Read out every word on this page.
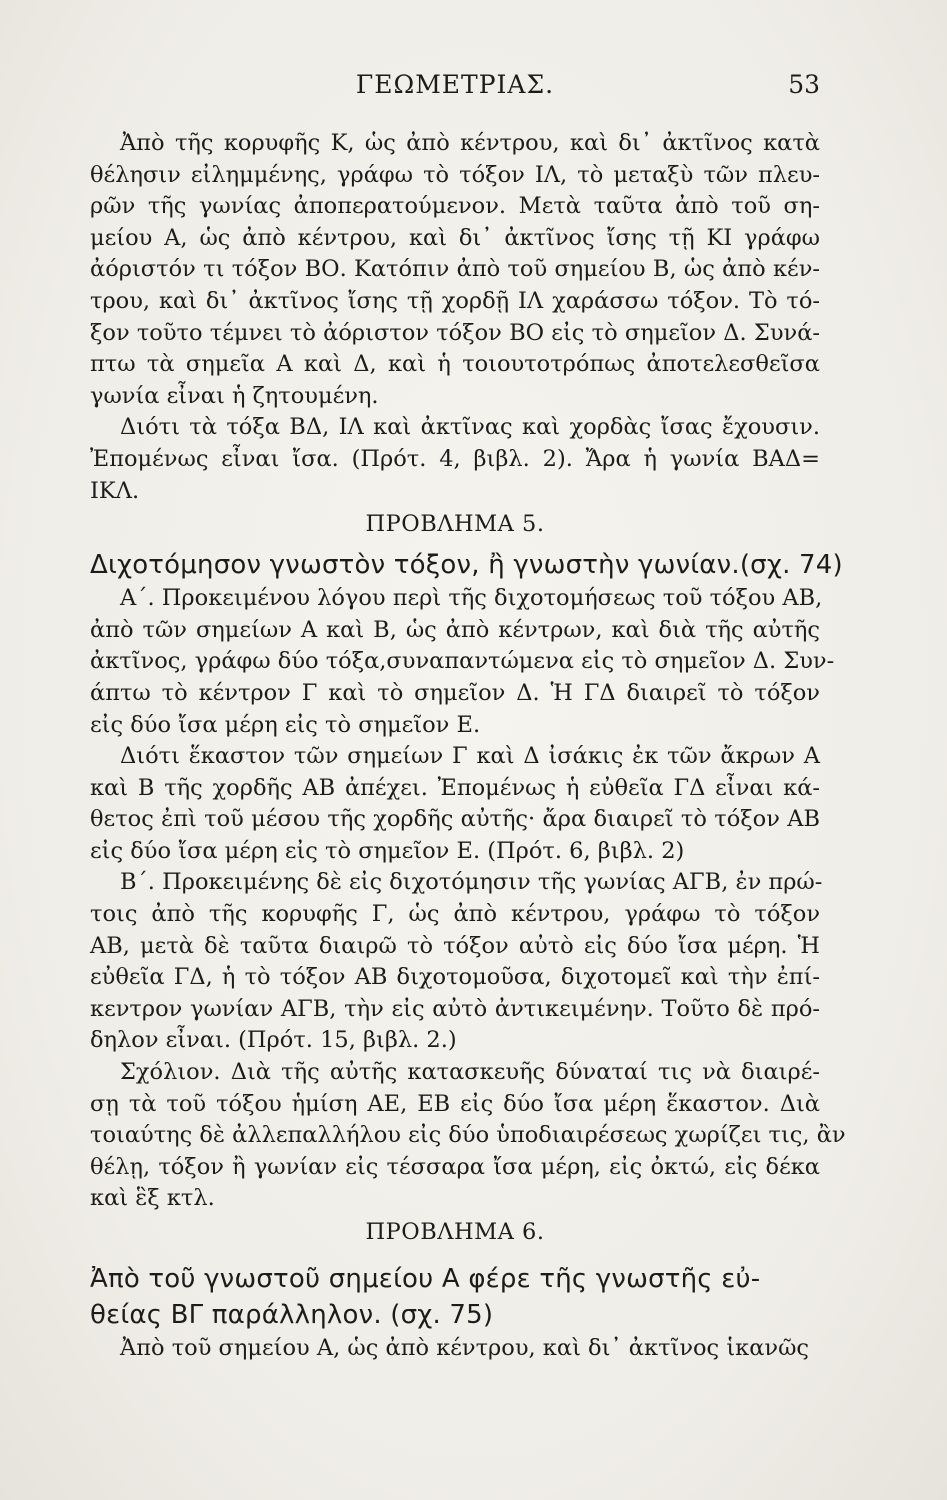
ΓΕΩΜΕΤΡΙΑΣ.	53
Ἀπὸ τῆς κορυφῆς Κ, ὡς ἀπὸ κέντρου, καὶ δι᾽ ἀκτῖνος κατὰ
θέλησιν εἰλημμένης, γράφω τὸ τόξον ΙΛ, τὸ μεταξὺ τῶν πλευ-
ρῶν τῆς γωνίας ἀποπερατούμενον. Μετὰ ταῦτα ἀπὸ τοῦ ση-
μείου Α, ὡς ἀπὸ κέντρου, καὶ δι᾽ ἀκτῖνος ἴσης τῇ ΚΙ γράφω
ἀόριστόν τι τόξον ΒΟ. Κατόπιν ἀπὸ τοῦ σημείου Β, ὡς ἀπὸ κέν-
τρου, καὶ δι᾽ ἀκτῖνος ἴσης τῇ χορδῇ ΙΛ χαράσσω τόξον. Τὸ τό-
ξον τοῦτο τέμνει τὸ ἀόριστον τόξον ΒΟ εἰς τὸ σημεῖον Δ. Συνά-
πτω τὰ σημεῖα Α καὶ Δ, καὶ ἡ τοιουτοτρόπως ἀποτελεσθεῖσα
γωνία εἶναι ἡ ζητουμένη.
Διότι τὰ τόξα ΒΔ, ΙΛ καὶ ἀκτῖνας καὶ χορδὰς ἴσας ἔχουσιν.
Ἐπομένως εἶναι ἴσα. (Πρότ. 4, βιβλ. 2). Ἄρα ἡ γωνία ΒΑΔ=
ΙΚΛ.
ΠΡΟΒΛΗΜΑ 5.
Διχοτόμησον γνωστὸν τόξον, ἢ γνωστὴν γωνίαν.(σχ. 74)
Α΄. Προκειμένου λόγου περὶ τῆς διχοτομήσεως τοῦ τόξου ΑΒ,
ἀπὸ τῶν σημείων Α καὶ Β, ὡς ἀπὸ κέντρων, καὶ διὰ τῆς αὐτῆς
ἀκτῖνος, γράφω δύο τόξα,συναπαντώμενα εἰς τὸ σημεῖον Δ. Συν-
άπτω τὸ κέντρον Γ καὶ τὸ σημεῖον Δ. Ἡ ΓΔ διαιρεῖ τὸ τόξον
εἰς δύο ἴσα μέρη εἰς τὸ σημεῖον Ε.
Διότι ἕκαστον τῶν σημείων Γ καὶ Δ ἰσάκις ἐκ τῶν ἄκρων Α
καὶ Β τῆς χορδῆς ΑΒ ἀπέχει. Ἐπομένως ἡ εὐθεῖα ΓΔ εἶναι κά-
θετος ἐπὶ τοῦ μέσου τῆς χορδῆς αὐτῆς· ἄρα διαιρεῖ τὸ τόξον ΑΒ
εἰς δύο ἴσα μέρη εἰς τὸ σημεῖον Ε. (Πρότ. 6, βιβλ. 2)
Β΄. Προκειμένης δὲ εἰς διχοτόμησιν τῆς γωνίας ΑΓΒ, ἐν πρώ-
τοις ἀπὸ τῆς κορυφῆς Γ, ὡς ἀπὸ κέντρου, γράφω τὸ τόξον
ΑΒ, μετὰ δὲ ταῦτα διαιρῶ τὸ τόξον αὐτὸ εἰς δύο ἴσα μέρη. Ἡ
εὐθεῖα ΓΔ, ἡ τὸ τόξον ΑΒ διχοτομοῦσα, διχοτομεῖ καὶ τὴν ἐπί-
κεντρον γωνίαν ΑΓΒ, τὴν εἰς αὐτὸ ἀντικειμένην. Τοῦτο δὲ πρό-
δηλον εἶναι. (Πρότ. 15, βιβλ. 2.)
Σχόλιον. Διὰ τῆς αὐτῆς κατασκευῆς δύναταί τις νὰ διαιρέ-
σῃ τὰ τοῦ τόξου ἡμίση ΑΕ, ΕΒ εἰς δύο ἴσα μέρη ἕκαστον. Διὰ
τοιαύτης δὲ ἀλλεπαλλήλου εἰς δύο ὑποδιαιρέσεως χωρίζει τις, ἂν
θέλῃ, τόξον ἢ γωνίαν εἰς τέσσαρα ἴσα μέρη, εἰς ὀκτώ, εἰς δέκα
καὶ ἓξ κτλ.
ΠΡΟΒΛΗΜΑ 6.
Ἀπὸ τοῦ γνωστοῦ σημείου Α φέρε τῆς γνωστῆς εὐ-
θείας ΒΓ παράλληλον. (σχ. 75)
Ἀπὸ τοῦ σημείου Α, ὡς ἀπὸ κέντρου, καὶ δι᾽ ἀκτῖνος ἱκανῶς
